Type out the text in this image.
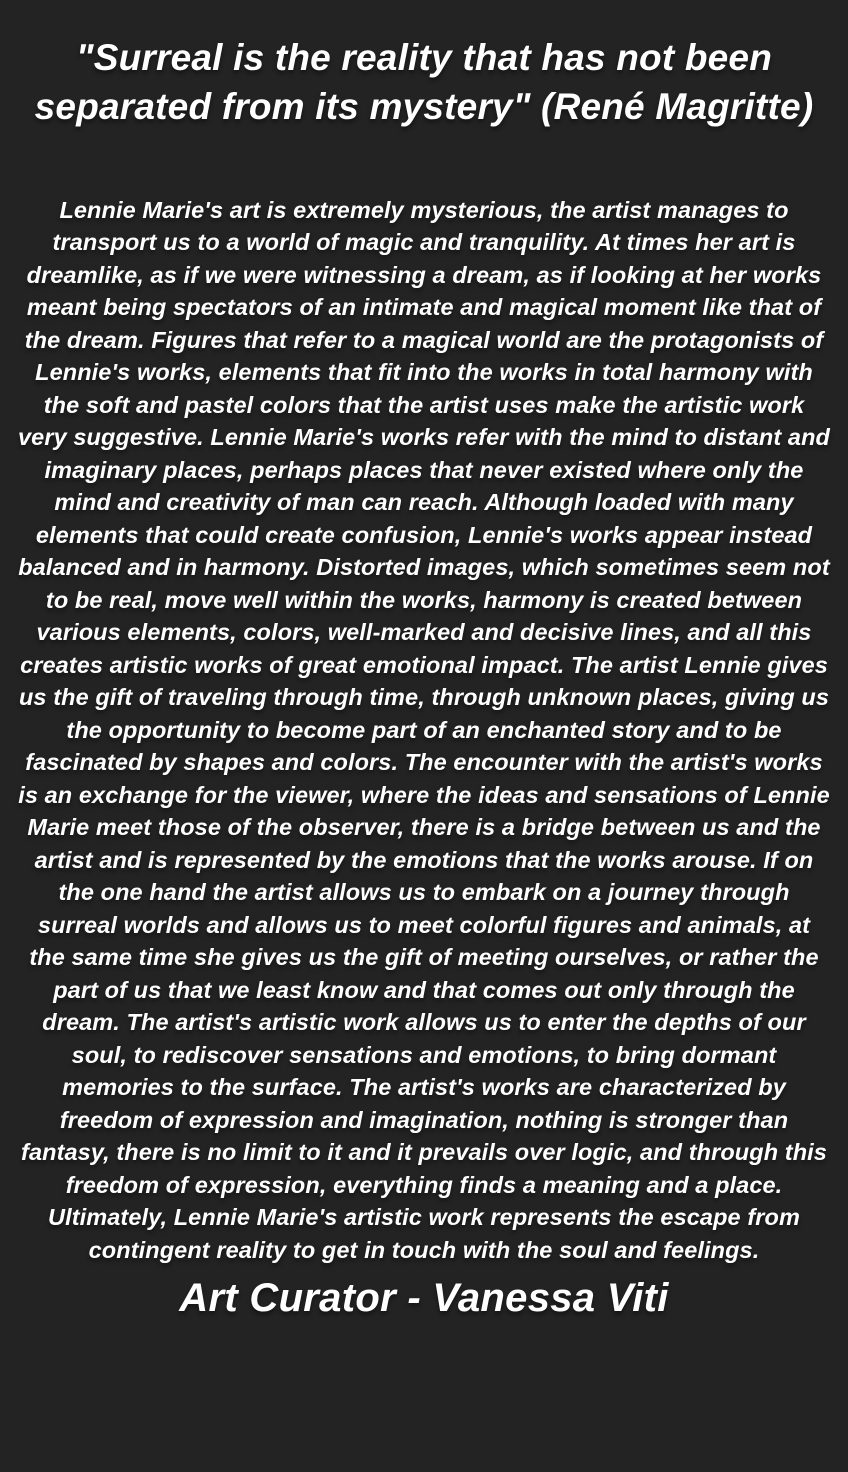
"Surreal is the reality that has not been separated from its mystery" (René Magritte)

Lennie Marie's art is extremely mysterious, the artist manages to transport us to a world of magic and tranquility. At times her art is dreamlike, as if we were witnessing a dream, as if looking at her works meant being spectators of an intimate and magical moment like that of the dream. Figures that refer to a magical world are the protagonists of Lennie's works, elements that fit into the works in total harmony with the soft and pastel colors that the artist uses make the artistic work very suggestive. Lennie Marie's works refer with the mind to distant and imaginary places, perhaps places that never existed where only the mind and creativity of man can reach. Although loaded with many elements that could create confusion, Lennie's works appear instead balanced and in harmony. Distorted images, which sometimes seem not to be real, move well within the works, harmony is created between various elements, colors, well-marked and decisive lines, and all this creates artistic works of great emotional impact. The artist Lennie gives us the gift of traveling through time, through unknown places, giving us the opportunity to become part of an enchanted story and to be fascinated by shapes and colors. The encounter with the artist's works is an exchange for the viewer, where the ideas and sensations of Lennie Marie meet those of the observer, there is a bridge between us and the artist and is represented by the emotions that the works arouse. If on the one hand the artist allows us to embark on a journey through surreal worlds and allows us to meet colorful figures and animals, at the same time she gives us the gift of meeting ourselves, or rather the part of us that we least know and that comes out only through the dream. The artist's artistic work allows us to enter the depths of our soul, to rediscover sensations and emotions, to bring dormant memories to the surface. The artist's works are characterized by freedom of expression and imagination, nothing is stronger than fantasy, there is no limit to it and it prevails over logic, and through this freedom of expression, everything finds a meaning and a place. Ultimately, Lennie Marie's artistic work represents the escape from contingent reality to get in touch with the soul and feelings.

Art Curator - Vanessa Viti
